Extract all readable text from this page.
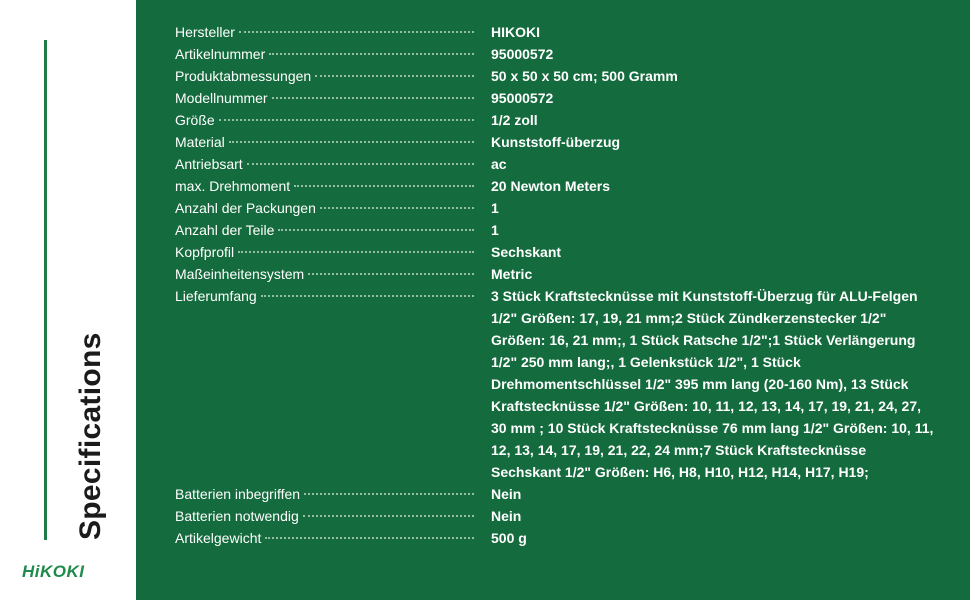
Specifications
HiKOKI
Hersteller	HIKOKI
Artikelnummer	95000572
Produktabmessungen	50 x 50 x 50 cm; 500 Gramm
Modellnummer	95000572
Größe	1/2 zoll
Material	Kunststoff-überzug
Antriebsart	ac
max. Drehmoment	20 Newton Meters
Anzahl der Packungen	1
Anzahl der Teile	1
Kopfprofil	Sechskant
Maßeinheitensystem	Metric
Lieferumfang	3 Stück Kraftstecknüsse mit Kunststoff-Überzug für ALU-Felgen 1/2" Größen: 17, 19, 21 mm;2 Stück Zündkerzenstecker 1/2" Größen: 16, 21 mm;, 1 Stück Ratsche 1/2";1 Stück Verlängerung 1/2" 250 mm lang;, 1 Gelenkstück 1/2", 1 Stück Drehmomentschlüssel 1/2" 395 mm lang (20-160 Nm), 13 Stück Kraftstecknüsse 1/2" Größen: 10, 11, 12, 13, 14, 17, 19, 21, 24, 27, 30 mm ; 10 Stück Kraftstecknüsse 76 mm lang 1/2" Größen: 10, 11, 12, 13, 14, 17, 19, 21, 22, 24 mm;7 Stück Kraftstecknüsse Sechskant 1/2" Größen: H6, H8, H10, H12, H14, H17, H19;
Batterien inbegriffen	Nein
Batterien notwendig	Nein
Artikelgewicht	500 g
